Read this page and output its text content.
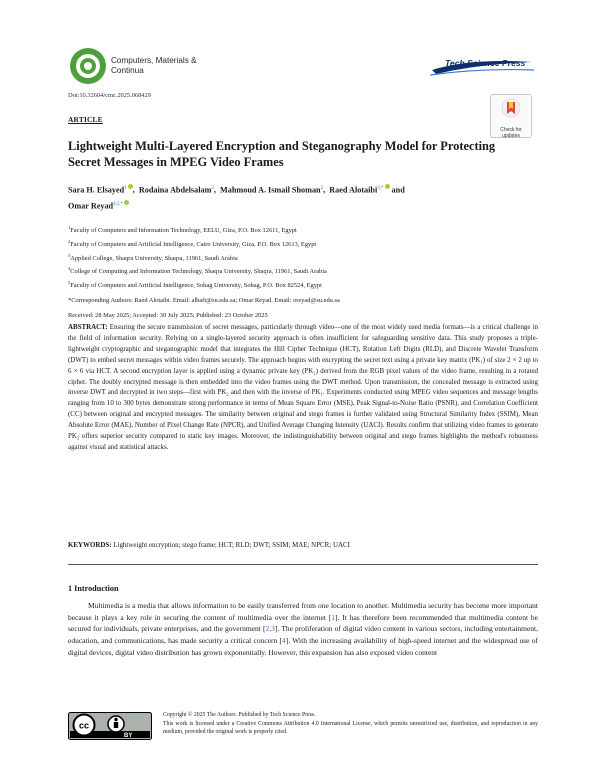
Computers, Materials &
Continua
Tech Science Press
Doi:10.32604/cmc.2025.068429
Check for
updates
ARTICLE
Lightweight Multi-Layered Encryption and Steganography Model for Protecting
Secret Messages in MPEG Video Frames
Sara H. Elsayed$^1$ ,  Rodaina Abdelsalam$^2$,  Mahmoud A. Ismail Shoman$^2$,  Raed Alotaibi$^{3,*}$ and
Omar Reyad$^{4,5,*}$
$^1$Faculty of Computers and Information Technology, EELU, Giza, P.O. Box 12611, Egypt
$^2$Faculty of Computers and Artificial Intelligence, Cairo University, Giza, P.O. Box 12613, Egypt
$^3$Applied College, Shaqra University, Shaqra, 11961, Saudi Arabia
$^4$College of Computing and Information Technology, Shaqra University, Shaqra, 11961, Saudi Arabia
$^5$Faculty of Computers and Artificial Intelligence, Sohag University, Sohag, P.O. Box 82524, Egypt
*Corresponding Authors: Raed Alotaibi. Email: alhafi@su.edu.sa; Omar Reyad. Email: oreyad@su.edu.sa
Received: 28 May 2025; Accepted: 30 July 2025; Published: 23 October 2025
ABSTRACT: Ensuring the secure transmission of secret messages, particularly through video—one of the most widely used media formats—is a critical challenge in the field of information security. Relying on a single-layered security approach is often insufficient for safeguarding sensitive data. This study proposes a triple-lightweight cryptographic and steganographic model that integrates the Hill Cipher Technique (HCT), Rotation Left Digits (RLD), and Discrete Wavelet Transform (DWT) to embed secret messages within video frames securely. The approach begins with encrypting the secret text using a private key matrix (PK₁) of size 2 × 2 up to 6 × 6 via HCT. A second encryption layer is applied using a dynamic private key (PK₂) derived from the RGB pixel values of the video frame, resulting in a rotated cipher. The doubly encrypted message is then embedded into the video frames using the DWT method. Upon transmission, the concealed message is extracted using inverse DWT and decrypted in two steps—first with PK₂ and then with the inverse of PK₁. Experiments conducted using MPEG video sequences and message lengths ranging from 10 to 300 bytes demonstrate strong performance in terms of Mean Square Error (MSE), Peak Signal-to-Noise Ratio (PSNR), and Correlation Coefficient (CC) between original and encrypted messages. The similarity between original and stego frames is further validated using Structural Similarity Index (SSIM), Mean Absolute Error (MAE), Number of Pixel Change Rate (NPCR), and Unified Average Changing Intensity (UACI). Results confirm that utilizing video frames to generate PK₂ offers superior security compared to static key images. Moreover, the indistinguishability between original and stego frames highlights the method's robustness against visual and statistical attacks.
KEYWORDS: Lightweight encryption; stego frame; HCT; RLD; DWT; SSIM; MAE; NPCR; UACI
1 Introduction

Multimedia is a media that allows information to be easily transferred from one location to another. Multimedia security has become more important because it plays a key role in securing the content of multimedia over the internet [1]. It has therefore been recommended that multimedia content be secured for individuals, private enterprises, and the government [2,3]. The proliferation of digital video content in various sectors, including entertainment, education, and communications, has made security a critical concern [4]. With the increasing availability of high-speed internet and the widespread use of digital devices, digital video distribution has grown exponentially. However, this expansion has also exposed video content

cc
BY
Copyright © 2025 The Authors. Published by Tech Science Press.
This work is licensed under a Creative Commons Attribution 4.0 International License, which permits unrestricted use, distribution, and reproduction in any medium, provided the original work is properly cited.
